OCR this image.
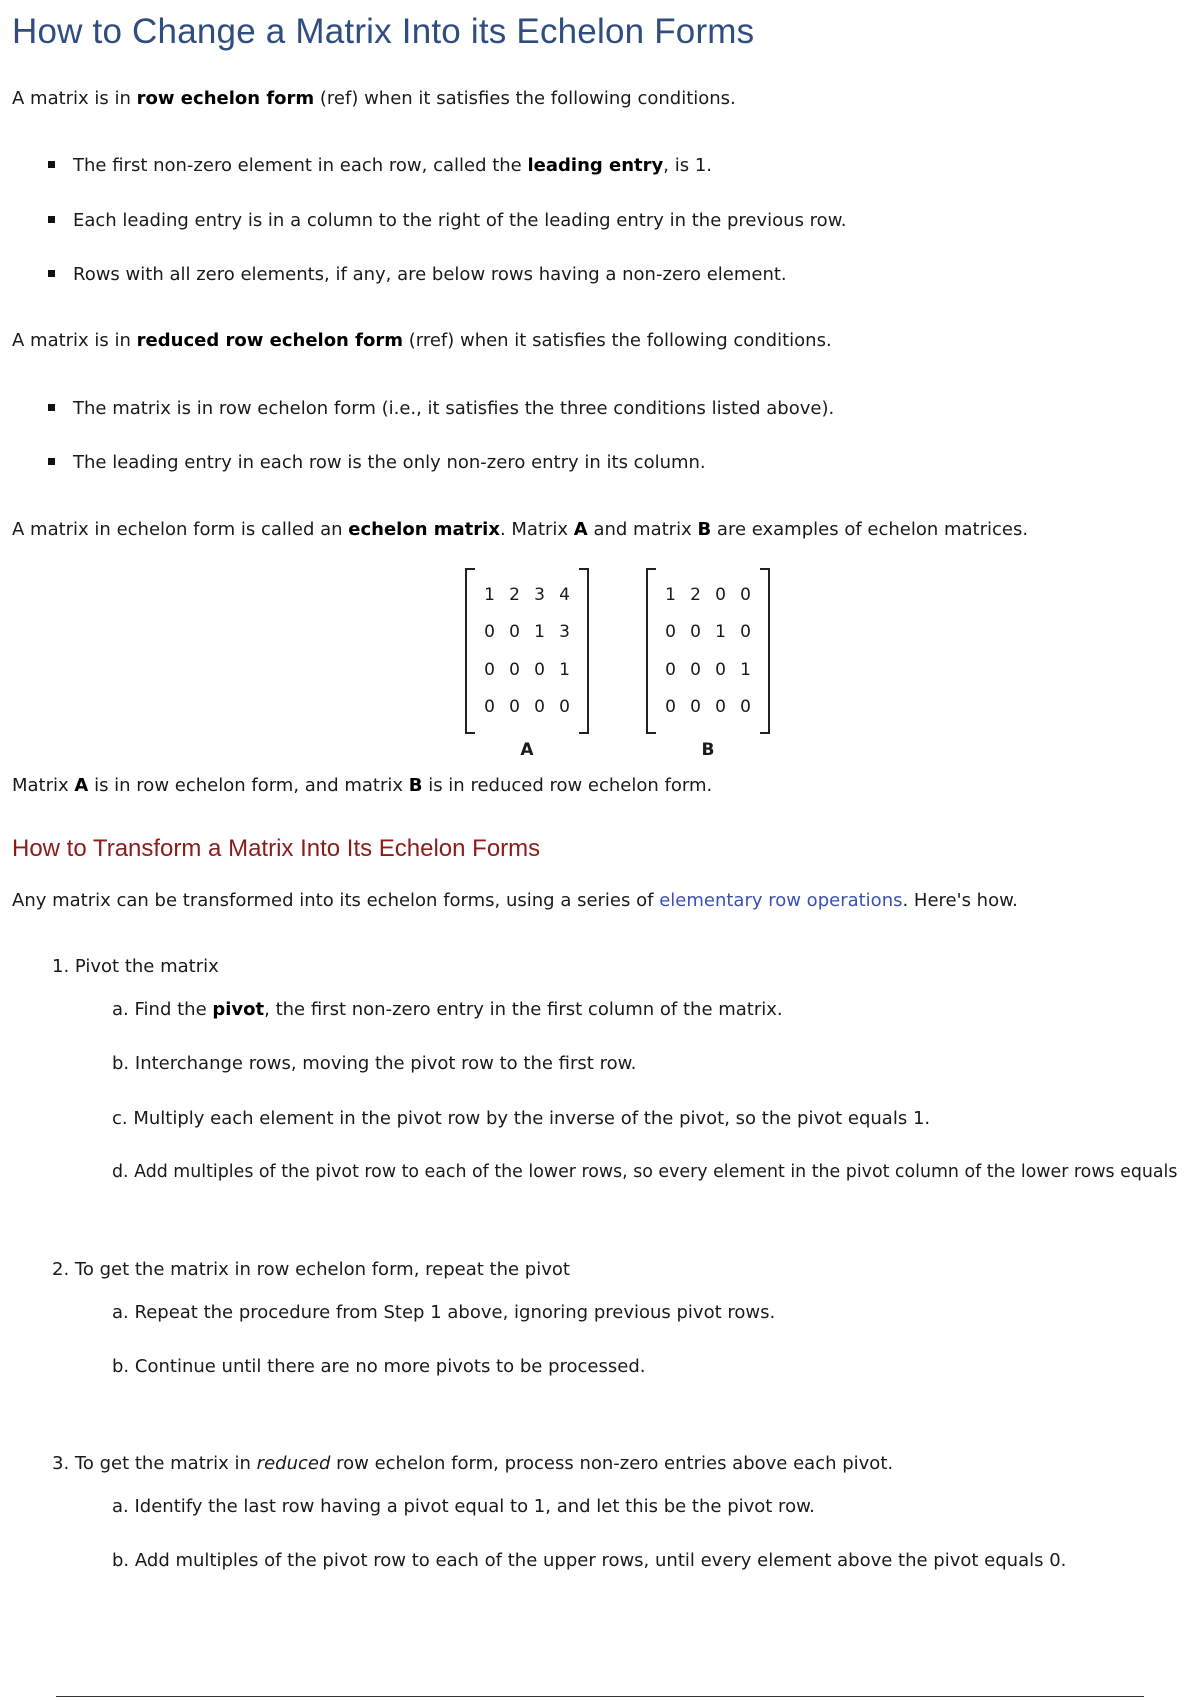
How to Change a Matrix Into its Echelon Forms

A matrix is in row echelon form (ref) when it satisfies the following conditions.

The first non-zero element in each row, called the leading entry, is 1.
Each leading entry is in a column to the right of the leading entry in the previous row.
Rows with all zero elements, if any, are below rows having a non-zero element.

A matrix is in reduced row echelon form (rref) when it satisfies the following conditions.

The matrix is in row echelon form (i.e., it satisfies the three conditions listed above).
The leading entry in each row is the only non-zero entry in its column.

A matrix in echelon form is called an echelon matrix. Matrix A and matrix B are examples of echelon matrices.

1 2 3 4
0 0 1 3
0 0 0 1
0 0 0 0
A
1 2 0 0
0 0 1 0
0 0 0 1
0 0 0 0
B

Matrix A is in row echelon form, and matrix B is in reduced row echelon form.

How to Transform a Matrix Into Its Echelon Forms

Any matrix can be transformed into its echelon forms, using a series of elementary row operations. Here's how.

1. Pivot the matrix
a. Find the pivot, the first non-zero entry in the first column of the matrix.
b. Interchange rows, moving the pivot row to the first row.
c. Multiply each element in the pivot row by the inverse of the pivot, so the pivot equals 1.
d. Add multiples of the pivot row to each of the lower rows, so every element in the pivot column of the lower rows equals
2. To get the matrix in row echelon form, repeat the pivot
a. Repeat the procedure from Step 1 above, ignoring previous pivot rows.
b. Continue until there are no more pivots to be processed.
3. To get the matrix in reduced row echelon form, process non-zero entries above each pivot.
a. Identify the last row having a pivot equal to 1, and let this be the pivot row.
b. Add multiples of the pivot row to each of the upper rows, until every element above the pivot equals 0.
